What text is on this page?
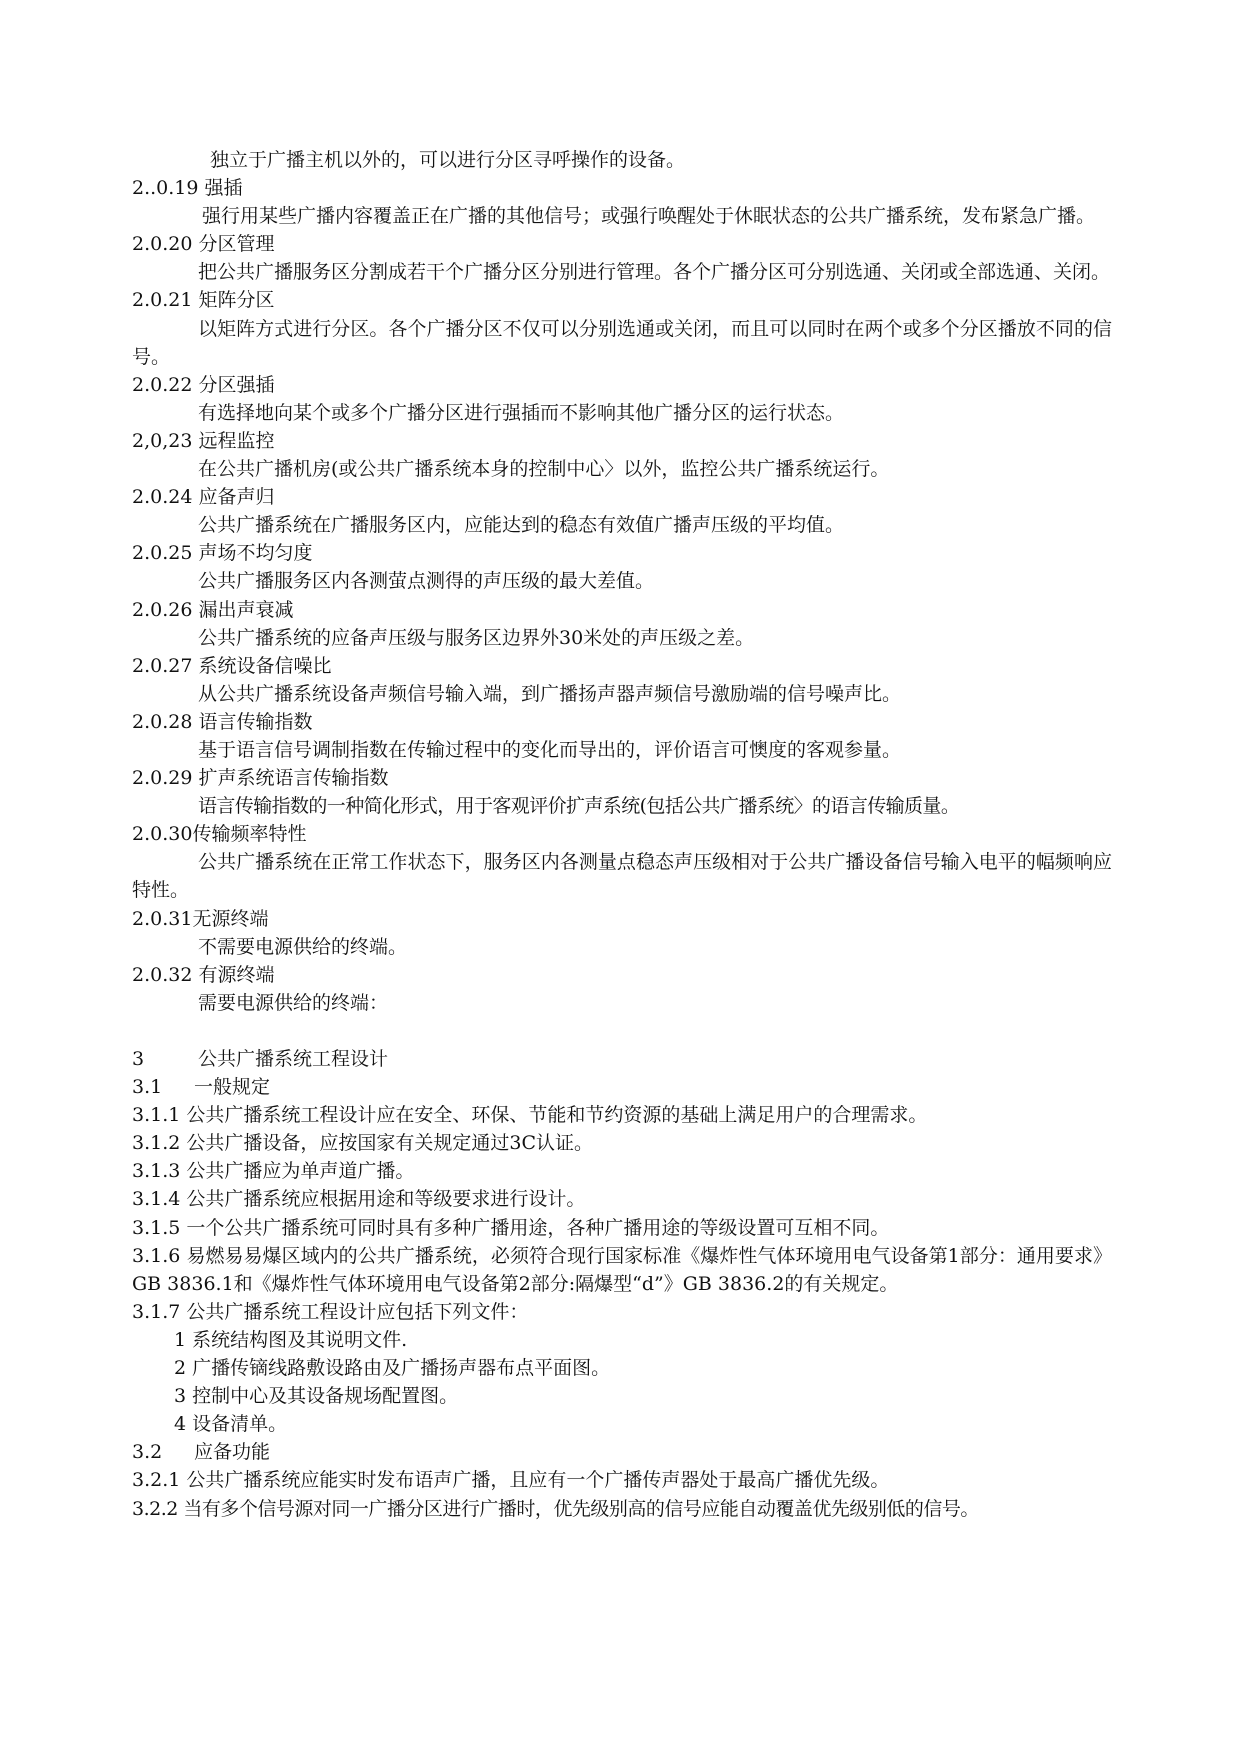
独立于广播主机以外的，可以进行分区寻呼操作的设备。
2..0.19 强插
强行用某些广播内容覆盖正在广播的其他信号；或强行唤醒处于休眠状态的公共广播系统，发布紧急广播。
2.0.20 分区管理
把公共广播服务区分割成若干个广播分区分别进行管理。各个广播分区可分别选通、关闭或全部选通、关闭。
2.0.21 矩阵分区
以矩阵方式进行分区。各个广播分区不仅可以分别选通或关闭，而且可以同时在两个或多个分区播放不同的信号。
2.0.22 分区强插
有选择地向某个或多个广播分区进行强插而不影响其他广播分区的运行状态。
2,0,23 远程监控
在公共广播机房(或公共广播系统本身的控制中心〉以外，监控公共广播系统运行。
2.0.24 应备声归
公共广播系统在广播服务区内，应能达到的稳态有效值广播声压级的平均值。
2.0.25 声场不均匀度
公共广播服务区内各测萤点测得的声压级的最大差值。
2.0.26 漏出声衰减
公共广播系统的应备声压级与服务区边界外30米处的声压级之差。
2.0.27 系统设备信噪比
从公共广播系统设备声频信号输入端，到广播扬声器声频信号激励端的信号噪声比。
2.0.28 语言传输指数
基于语言信号调制指数在传输过程中的变化而导出的，评价语言可懊度的客观参量。
2.0.29 扩声系统语言传输指数
语言传输指数的一种简化形式，用于客观评价扩声系统(包括公共广播系统〉的语言传输质量。
2.0.30传输频率特性
公共广播系统在正常工作状态下，服务区内各测量点稳态声压级相对于公共广播设备信号输入电平的幅频响应特性。
2.0.31无源终端
不需要电源供给的终端。
2.0.32 有源终端
需要电源供给的终端：
3	公共广播系统工程设计
3.1 一般规定
3.1.1 公共广播系统工程设计应在安全、环保、节能和节约资源的基础上满足用户的合理需求。
3.1.2 公共广播设备，应按国家有关规定通过3C认证。
3.1.3 公共广播应为单声道广播。
3.1.4 公共广播系统应根据用途和等级要求进行设计。
3.1.5 一个公共广播系统可同时具有多种广播用途，各种广播用途的等级设置可互相不同。
3.1.6 易燃易易爆区域内的公共广播系统，必须符合现行国家标准《爆炸性气体环境用电气设备第1部分：通用要求》GB 3836.1和《爆炸性气体环境用电气设备第2部分:隔爆型“d”》GB 3836.2的有关规定。
3.1.7 公共广播系统工程设计应包括下列文件：
1 系统结构图及其说明文件.
2 广播传镝线路敷设路由及广播扬声器布点平面图。
3 控制中心及其设备规场配置图。
4 设备清单。
3.2 应备功能
3.2.1 公共广播系统应能实时发布语声广播，且应有一个广播传声器处于最高广播优先级。
3.2.2 当有多个信号源对同一广播分区进行广播时，优先级别高的信号应能自动覆盖优先级别低的信号。
